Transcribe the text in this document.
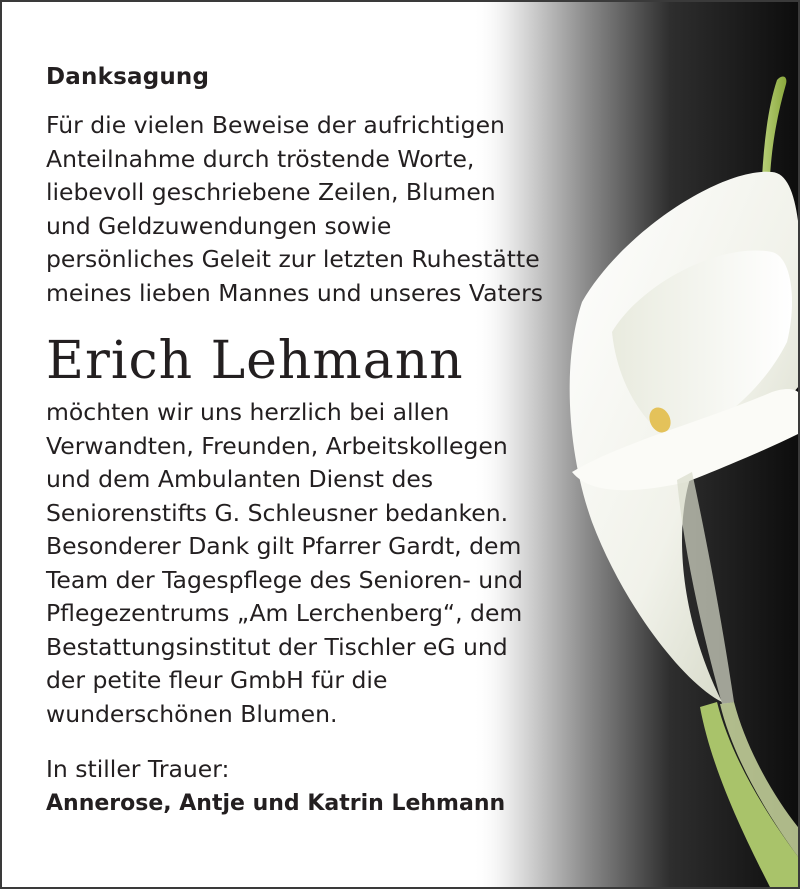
Danksagung
Für die vielen Beweise der aufrichtigen
Anteilnahme durch tröstende Worte,
liebevoll geschriebene Zeilen, Blumen
und Geldzuwendungen sowie
persönliches Geleit zur letzten Ruhestätte
meines lieben Mannes und unseres Vaters
Erich Lehmann
möchten wir uns herzlich bei allen
Verwandten, Freunden, Arbeitskollegen
und dem Ambulanten Dienst des
Seniorenstifts G. Schleusner bedanken.
Besonderer Dank gilt Pfarrer Gardt, dem
Team der Tagespflege des Senioren- und
Pflegezentrums „Am Lerchenberg“, dem
Bestattungsinstitut der Tischler eG und
der petite fleur GmbH für die
wunderschönen Blumen.
In stiller Trauer:
Annerose, Antje und Katrin Lehmann
